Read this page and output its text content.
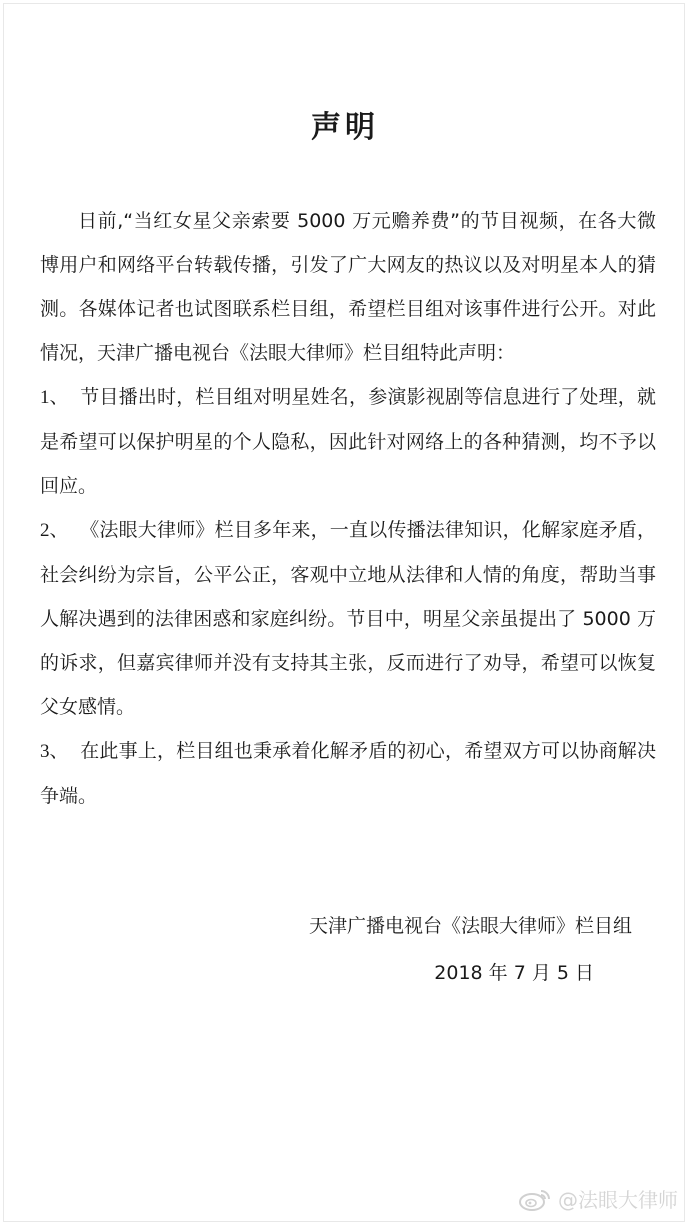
声明

日前,“当红女星父亲索要 5000 万元赡养费”的节目视频，在各大微博用户和网络平台转载传播，引发了广大网友的热议以及对明星本人的猜测。各媒体记者也试图联系栏目组，希望栏目组对该事件进行公开。对此情况，天津广播电视台《法眼大律师》栏目组特此声明：

1、 节目播出时，栏目组对明星姓名，参演影视剧等信息进行了处理，就是希望可以保护明星的个人隐私，因此针对网络上的各种猜测，均不予以回应。

2、 《法眼大律师》栏目多年来，一直以传播法律知识，化解家庭矛盾，社会纠纷为宗旨，公平公正，客观中立地从法律和人情的角度，帮助当事人解决遇到的法律困惑和家庭纠纷。节目中，明星父亲虽提出了 5000 万的诉求，但嘉宾律师并没有支持其主张，反而进行了劝导，希望可以恢复父女感情。

3、 在此事上，栏目组也秉承着化解矛盾的初心，希望双方可以协商解决争端。

天津广播电视台《法眼大律师》栏目组
2018 年 7 月 5 日
@法眼大律师
